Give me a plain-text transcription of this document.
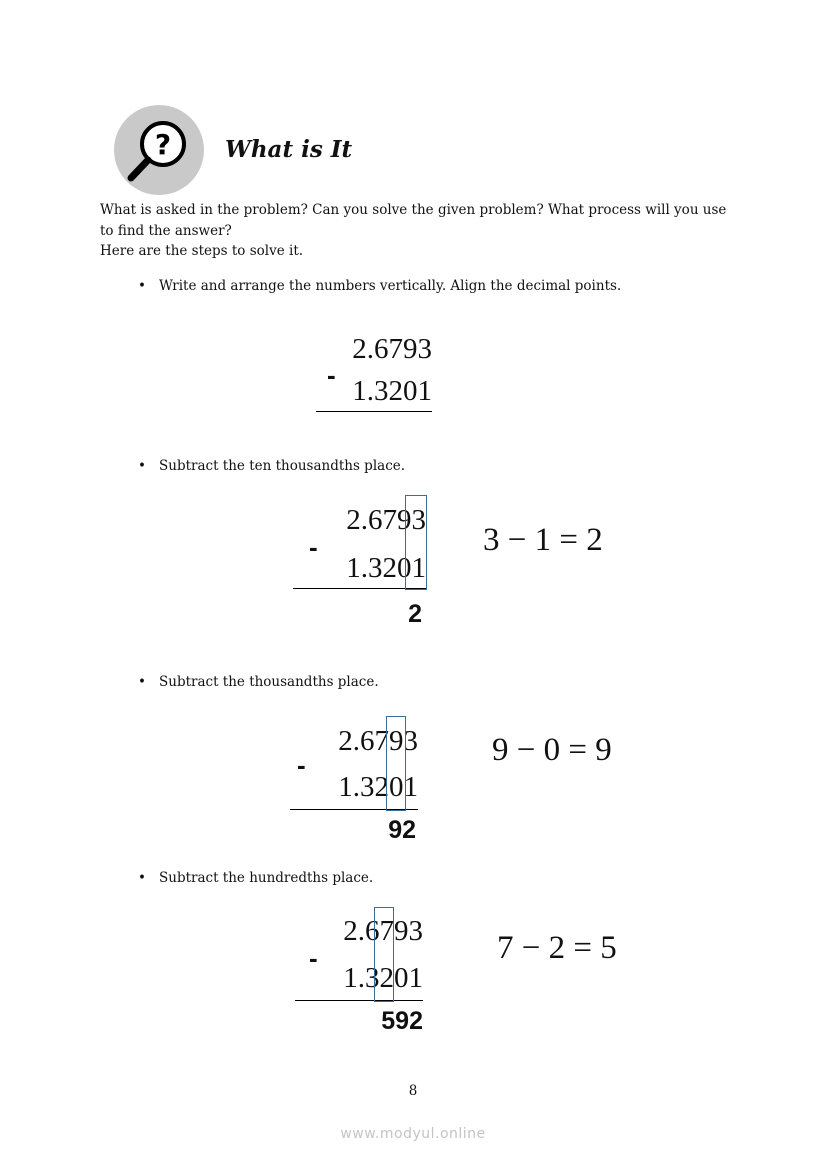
? What is It
What is asked in the problem? Can you solve the given problem? What process will you use to find the answer?
Here are the steps to solve it.
• Write and arrange the numbers vertically. Align the decimal points.
2.6793
- 1.3201
• Subtract the ten thousandths place.
2.6793
-
1.3201
2
3 − 1 = 2
• Subtract the thousandths place.
2.6793
-
1.3201
92
9 − 0 = 9
• Subtract the hundredths place.
2.6793
-
1.3201
592
7 − 2 = 5
8
www.modyul.online
